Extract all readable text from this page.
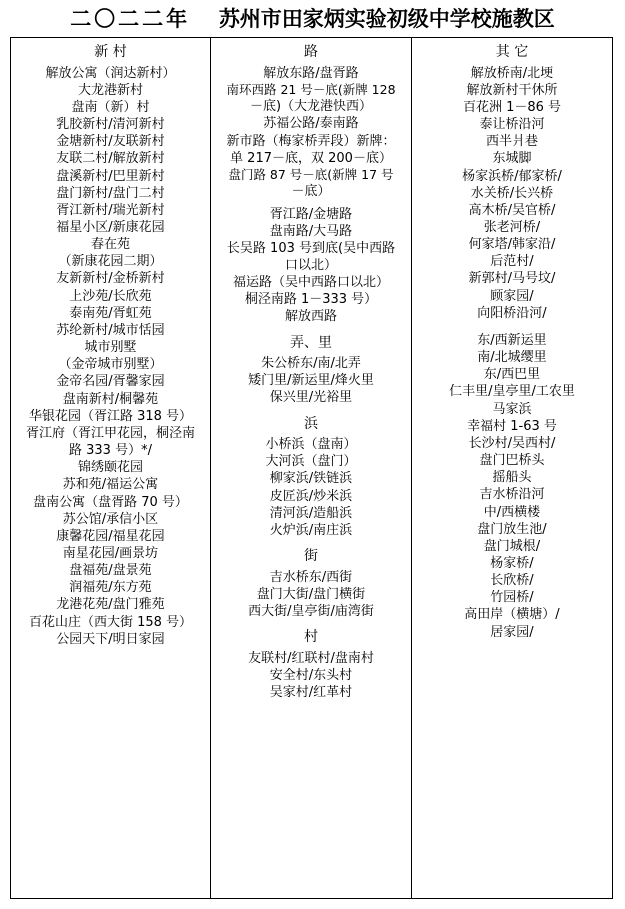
二〇二二年 苏州市田家炳实验初级中学校施教区
新 村
解放公寓（润达新村）
大龙港新村
盘南（新）村
乳胶新村/清河新村
金塘新村/友联新村
友联二村/解放新村
盘溪新村/巴里新村
盘门新村/盘门二村
胥江新村/瑞光新村
福星小区/新康花园
春在苑
（新康花园二期）
友新新村/金桥新村
上沙苑/长欣苑
泰南苑/胥虹苑
苏纶新村/城市恬园
城市别墅
（金帝城市别墅）
金帝名园/胥馨家园
盘南新村/桐馨苑
华银花园（胥江路 318 号）
胥江府（胥江甲花园，桐泾南
路 333 号）*/
锦绣颐花园
苏和苑/福运公寓
盘南公寓（盘胥路 70 号）
苏公馆/承信小区
康馨花园/福星花园
南星花园/画景坊
盘福苑/盘景苑
润福苑/东方苑
龙港花苑/盘门雅苑
百花山庄（西大街 158 号）
公园天下/明日家园
路
解放东路/盘胥路
南环西路 21 号－底(新牌 128
－底)（大龙港快西）
苏福公路/泰南路
新市路（梅家桥弄段）新牌：
单 217－底，双 200－底）
盘门路 87 号－底(新牌 17 号
－底）
胥江路/金塘路
盘南路/大马路
长吴路 103 号到底(吴中西路
口以北）
福运路（吴中西路口以北）
桐泾南路 1－333 号）
解放西路
弄、里
朱公桥东/南/北弄
矮门里/新运里/烽火里
保兴里/光裕里
浜
小桥浜（盘南）
大河浜（盘门）
柳家浜/铁链浜
皮匠浜/炒米浜
清河浜/造船浜
火炉浜/南庄浜
街
吉水桥东/西街
盘门大街/盘门横街
西大街/皇亭街/庙湾街
村
友联村/红联村/盘南村
安全村/东头村
吴家村/红革村
其 它
解放桥南/北埂
解放新村干休所
百花洲 1－86 号
泰让桥沿河
西半爿巷
东城脚
杨家浜桥/郁家桥/
水关桥/长兴桥
高木桥/吴官桥/
张老河桥/
何家塔/韩家沿/
后范村/
新郭村/马号坟/
顾家园/
向阳桥沿河/
东/西新运里
南/北城缨里
东/西巴里
仁丰里/皇亭里/工农里
马家浜
幸福村 1-63 号
长沙村/吴西村/
盘门巴桥头
摇船头
吉水桥沿河
中/西横楼
盘门放生池/
盘门城根/
杨家桥/
长欣桥/
竹园桥/
高田岸（横塘）/
居家园/
